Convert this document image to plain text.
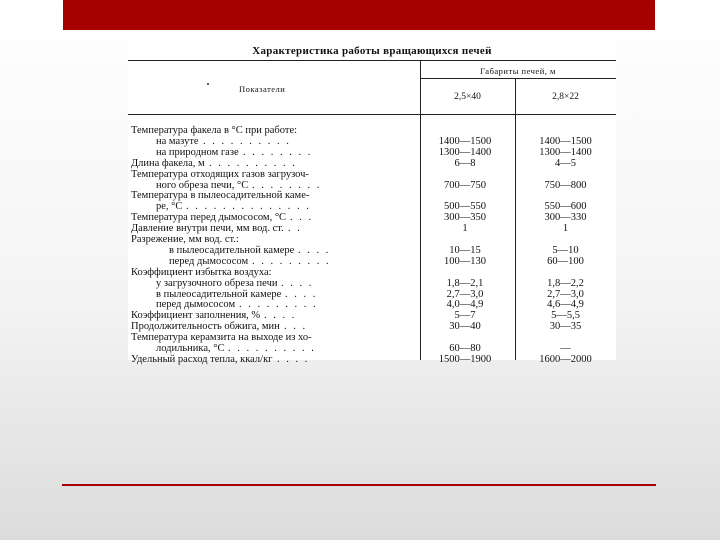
Характеристика работы вращающихся печей
Показатели
Габариты печей, м
2,5×40	2,8×22
Температура факела в °С при работе:
на мазуте . . . . . . . . . .	1400—1500	1400—1500
на природном газе . . . . . . . .	1300—1400	1300—1400
Длина факела, м . . . . . . . . . .	6—8	4—5
Температура отходящих газов загрузоч-
ного обреза печи, °С . . . . . . . .	700—750	750—800
Температура в пылеосадительной каме-
ре, °С . . . . . . . . . . . . . .	500—550	550—600
Температура перед дымососом, °С . . .	300—350	300—330
Давление внутри печи, мм вод. ст. . .	1	1
Разрежение, мм вод. ст.:
в пылеосадительной камере . . . .	10—15	5—10
перед дымососом . . . . . . . . .	100—130	60—100
Коэффициент избытка воздуха:
у загрузочного обреза печи . . . .	1,8—2,1	1,8—2,2
в пылеосадительной камере . . . .	2,7—3,0	2,7—3,0
перед дымососом . . . . . . . . .	4,0—4,9	4,6—4,9
Коэффициент заполнения, % . . . .	5—7	5—5,5
Продолжительность обжига, мин . . .	30—40	30—35
Температура керамзита на выходе из хо-
лодильника, °С . . . . . . . . . .	60—80	—
Удельный расход тепла, ккал/кг . . . .	1500—1900	1600—2000
